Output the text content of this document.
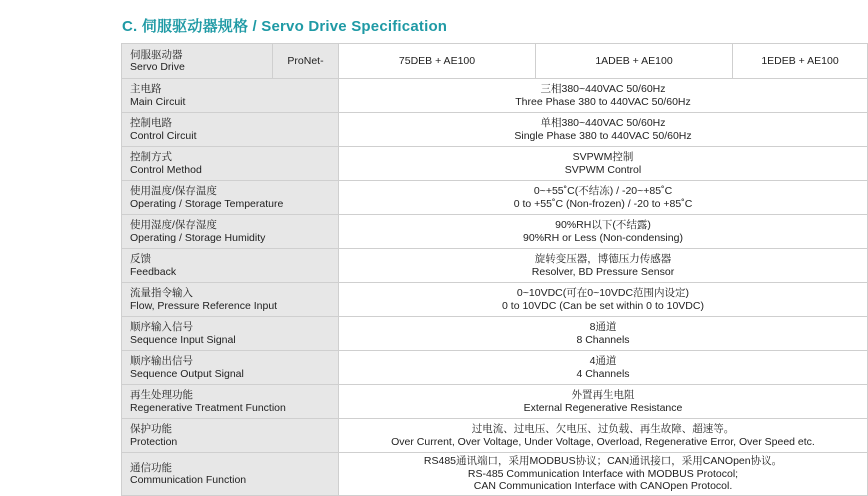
C. 伺服驱动器规格 / Servo Drive Specification
伺服驱动器
Servo Drive	ProNet-	75DEB + AE100	1ADEB + AE100	1EDEB + AE100

主电路
Main Circuit		三相380~440VAC 50/60Hz
Three Phase 380 to 440VAC 50/60Hz		

控制电路
Control Circuit		单相380~440VAC 50/60Hz
Single Phase 380 to 440VAC 50/60Hz		

控制方式
Control Method		SVPWM控制
SVPWM Control		

使用温度/保存温度
Operating / Storage Temperature		0~+55˚C(不结冻) / -20~+85˚C
0 to +55˚C (Non-frozen) / -20 to +85˚C		

使用湿度/保存湿度
Operating / Storage Humidity		90%RH以下(不结露)
90%RH or Less (Non-condensing)		

反馈
Feedback		旋转变压器，博德压力传感器
Resolver, BD Pressure Sensor		

流量指令输入
Flow, Pressure Reference Input		0~10VDC(可在0~10VDC范围内设定)
0 to 10VDC (Can be set within 0 to 10VDC)		

顺序输入信号
Sequence Input Signal		8通道
8 Channels		

顺序输出信号
Sequence Output Signal		4通道
4 Channels		

再生处理功能
Regenerative Treatment Function		外置再生电阻
External Regenerative Resistance		

保护功能
Protection		过电流、过电压、欠电压、过负载、再生故障、超速等。
Over Current, Over Voltage, Under Voltage, Overload, Regenerative Error, Over Speed etc.		

通信功能
Communication Function		RS485通讯端口，采用MODBUS协议；CAN通讯接口，采用CANOpen协议。
RS-485 Communication Interface with MODBUS Protocol;
CAN Communication Interface with CANOpen Protocol.		
